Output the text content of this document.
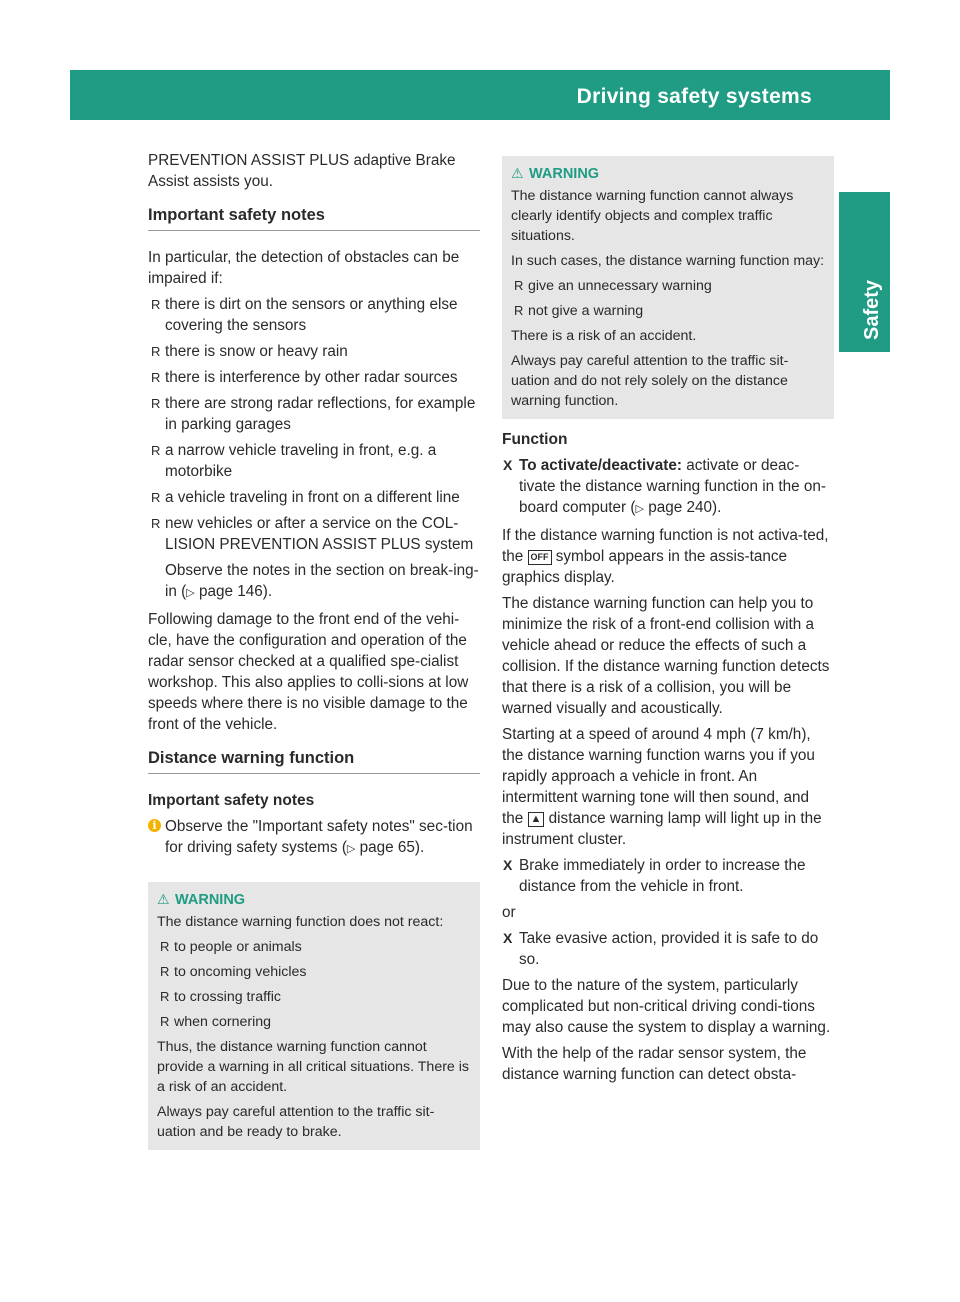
Driving safety systems	69
Safety

PREVENTION ASSIST PLUS adaptive Brake Assist assists you.

Important safety notes

In particular, the detection of obstacles can be impaired if:

R there is dirt on the sensors or anything else covering the sensors
R there is snow or heavy rain
R there is interference by other radar sources
R there are strong radar reflections, for example in parking garages
R a narrow vehicle traveling in front, e.g. a motorbike
R a vehicle traveling in front on a different line
R new vehicles or after a service on the COL-LISION PREVENTION ASSIST PLUS system

Observe the notes in the section on break-ing-in (▷ page 146).

Following damage to the front end of the vehi-cle, have the configuration and operation of the radar sensor checked at a qualified spe-cialist workshop. This also applies to colli-sions at low speeds where there is no visible damage to the front of the vehicle.

Distance warning function
Important safety notes
i Observe the "Important safety notes" sec-tion for driving safety systems (▷ page 65).
⚠ WARNING

The distance warning function does not react:

R to people or animals
R to oncoming vehicles
R to crossing traffic
R when cornering

Thus, the distance warning function cannot provide a warning in all critical situations. There is a risk of an accident.

Always pay careful attention to the traffic sit-uation and be ready to brake.

⚠ WARNING

The distance warning function cannot always clearly identify objects and complex traffic situations.

In such cases, the distance warning function may:

R give an unnecessary warning
R not give a warning

There is a risk of an accident.

Always pay careful attention to the traffic sit-uation and do not rely solely on the distance warning function.

Function
X To activate/deactivate: activate or deac-tivate the distance warning function in the on-board computer (▷ page 240).

If the distance warning function is not activa-ted, the OFF symbol appears in the assis-tance graphics display.

The distance warning function can help you to minimize the risk of a front-end collision with a vehicle ahead or reduce the effects of such a collision. If the distance warning function detects that there is a risk of a collision, you will be warned visually and acoustically.

Starting at a speed of around 4 mph (7 km/h), the distance warning function warns you if you rapidly approach a vehicle in front. An intermittent warning tone will then sound, and the ▲ distance warning lamp will light up in the instrument cluster.

X Brake immediately in order to increase the distance from the vehicle in front.

or

X Take evasive action, provided it is safe to do so.

Due to the nature of the system, particularly complicated but non-critical driving condi-tions may also cause the system to display a warning.

With the help of the radar sensor system, the distance warning function can detect obsta-
